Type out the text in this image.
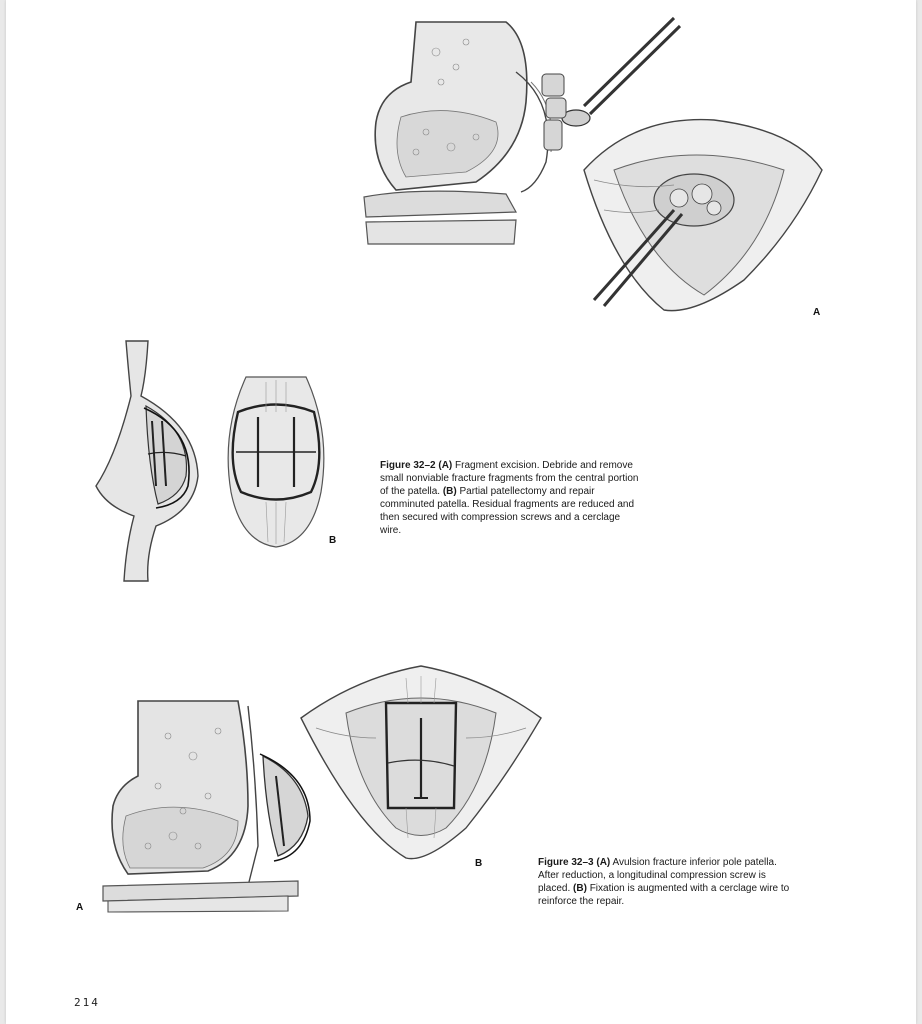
A
B

Figure 32–2 (A) Fragment excision. Debride and remove small nonviable fracture fragments from the central portion of the patella. (B) Partial patellectomy and repair comminuted patella. Residual fragments are reduced and then secured with compression screws and a cerclage wire.

A
B	Figure 32–3 (A) Avulsion fracture inferior pole patella. After reduction, a longitudinal compression screw is placed. (B) Fixation is augmented with a cerclage wire to reinforce the repair.

214
